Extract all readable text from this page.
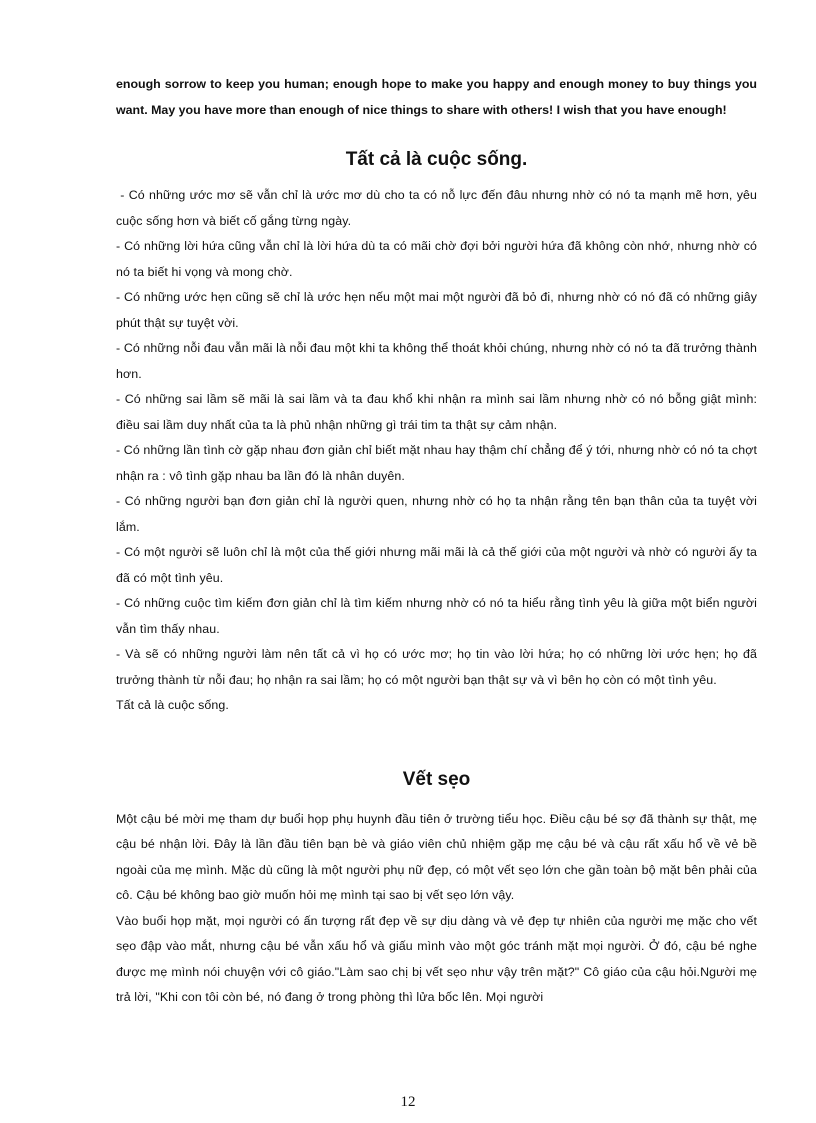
enough sorrow to keep you human; enough hope to make you happy and enough money to buy things you want. May you have more than enough of nice things to share with others! I wish that you have enough!

Tất cả là cuộc sống.

- Có những ước mơ sẽ vẫn chỉ là ước mơ dù cho ta có nỗ lực đến đâu nhưng nhờ có nó ta mạnh mẽ hơn, yêu cuộc sống hơn và biết cố gắng từng ngày.

- Có những lời hứa cũng vẫn chỉ là lời hứa dù ta có mãi chờ đợi bởi người hứa đã không còn nhớ, nhưng nhờ có nó ta biết hi vọng và mong chờ.

- Có những ước hẹn cũng sẽ chỉ là ước hẹn nếu một mai một người đã bỏ đi, nhưng nhờ có nó đã có những giây phút thật sự tuyệt vời.

- Có những nỗi đau vẫn mãi là nỗi đau một khi ta không thể thoát khỏi chúng, nhưng nhờ có nó ta đã trưởng thành hơn.

- Có những sai lầm sẽ mãi là sai lầm và ta đau khổ khi nhận ra mình sai lầm nhưng nhờ có nó bỗng giật mình: điều sai lầm duy nhất của ta là phủ nhận những gì trái tim ta thật sự cảm nhận.

- Có những lần tình cờ gặp nhau đơn giản chỉ biết mặt nhau hay thậm chí chẳng để ý tới, nhưng nhờ có nó ta chợt nhận ra : vô tình gặp nhau ba lần đó là nhân duyên.

- Có những người bạn đơn giản chỉ là người quen, nhưng nhờ có họ ta nhận rằng tên bạn thân của ta tuyệt vời lắm.

- Có một người sẽ luôn chỉ là một của thế giới nhưng mãi mãi là cả thế giới của một người và nhờ có người ấy ta đã có một tình yêu.

- Có những cuộc tìm kiếm đơn giản chỉ là tìm kiếm nhưng nhờ có nó ta hiểu rằng tình yêu là giữa một biển người vẫn tìm thấy nhau.

- Và sẽ có những người làm nên tất cả vì họ có ước mơ; họ tin vào lời hứa; họ có những lời ước hẹn; họ đã trưởng thành từ nỗi đau; họ nhận ra sai lầm; họ có một người bạn thật sự và vì bên họ còn có một tình yêu.

Tất cả là cuộc sống.

Vết sẹo

Một cậu bé mời mẹ tham dự buổi họp phụ huynh đầu tiên ở trường tiểu học. Điều cậu bé sợ đã thành sự thật, mẹ cậu bé nhận lời. Đây là lần đầu tiên bạn bè và giáo viên chủ nhiệm gặp mẹ cậu bé và cậu rất xấu hổ về vẻ bề ngoài của mẹ mình. Mặc dù cũng là một người phụ nữ đẹp, có một vết sẹo lớn che gần toàn bộ mặt bên phải của cô. Cậu bé không bao giờ muốn hỏi mẹ mình tại sao bị vết sẹo lớn vậy.

Vào buổi họp mặt, mọi người có ấn tượng rất đẹp về sự dịu dàng và vẻ đẹp tự nhiên của người mẹ mặc cho vết sẹo đập vào mắt, nhưng cậu bé vẫn xấu hổ và giấu mình vào một góc tránh mặt mọi người. Ở đó, cậu bé nghe được mẹ mình nói chuyện với cô giáo."Làm sao chị bị vết sẹo như vậy trên mặt?" Cô giáo của cậu hỏi.Người mẹ trả lời, "Khi con tôi còn bé, nó đang ở trong phòng thì lửa bốc lên. Mọi người

12
